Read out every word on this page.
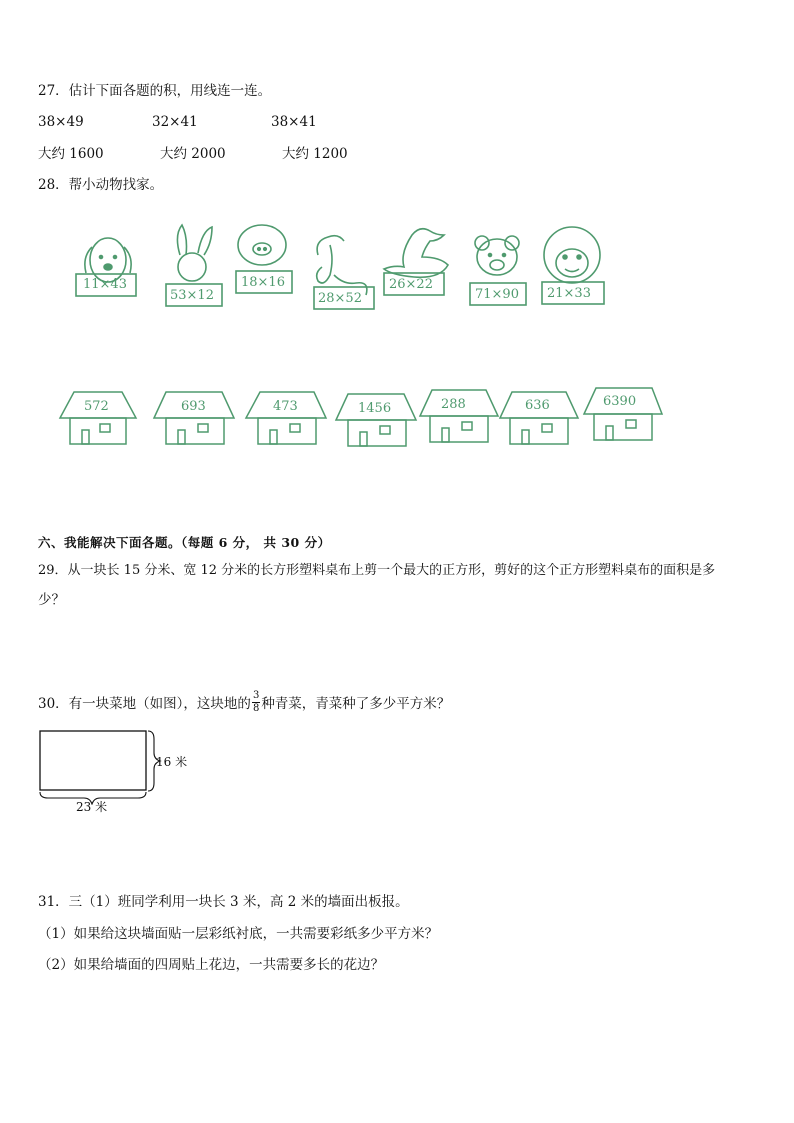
27．估计下面各题的积，用线连一连。
38×49	32×41	38×41
大约 1600	大约 2000	大约 1200
28．帮小动物找家。
11×43
53×12
18×16
28×52
26×22
71×90 21×33
572	693	473	1456	288	636	6390
六、我能解决下面各题。（每题 6 分， 共 30 分）
29．从一块长 15 分米、宽 12 分米的长方形塑料桌布上剪一个最大的正方形，剪好的这个正方形塑料桌布的面积是多
少？
30．有一块菜地（如图），这块地的 $\frac{3}{8}$ 种青菜，青菜种了多少平方米？
16 米
23 米
31．三（1）班同学利用一块长 3 米，高 2 米的墙面出板报。
（1）如果给这块墙面贴一层彩纸衬底，一共需要彩纸多少平方米？
（2）如果给墙面的四周贴上花边，一共需要多长的花边？
